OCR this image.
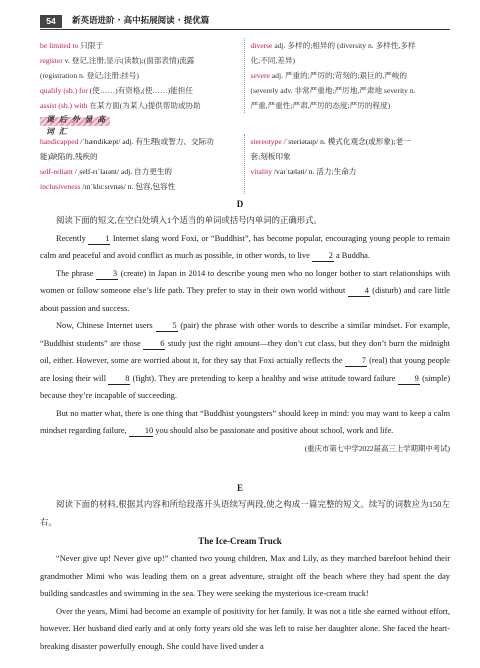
54	新英语进阶 · 高中拓展阅读 · 提优篇
be limited to 只限于
register v. 登记,注册;显示(读数);(面部表情)流露
(registration n. 登记;注册;挂号)
qualify (sb.) for (使……)有资格,(使……)能担任
assist (sb.) with 在某方面(为某人)提供帮助或协助
diverse adj. 多样的;相异的 (diversity n. 多样性,多样
化;不同,差异)
severe adj. 严重的;严厉的;苛刻的;艰巨的,严峻的
(severely adv. 非常严重地;严厉地,严肃地 severity n.
严重,严重性;严肃,严厉的态度;严厉的程度)
课 后 外 显 高 词 汇
handicapped /ˈhændikæpt/ adj. 有生理(或智力、交际功
能)缺陷的,残疾的
self-reliant /ˌself-rɪˈlaɪənt/ adj. 自力更生的
inclusiveness /ɪnˈkluːsɪvnəs/ n. 包容,包容性
stereotype /ˈsteriətaɪp/ n. 模式化观念(或形象);老一
套;刻板印象
vitality /vaɪˈtæləti/ n. 活力;生命力
D

阅读下面的短文,在空白处填入1个适当的单词或括号内单词的正确形式。

Recently 1 Internet slang word Foxi, or “Buddhist”, has become popular, encouraging young people to remain calm and peaceful and avoid conflict as much as possible, in other words, to live 2 a Buddha.

The phrase 3 (create) in Japan in 2014 to describe young men who no longer bother to start relationships with women or follow someone else’s life path. They prefer to stay in their own world without 4 (disturb) and care little about passion and success.

Now, Chinese Internet users 5 (pair) the phrase with other words to describe a similar mindset. For example, “Buddhist students” are those 6 study just the right amount—they don’t cut class, but they don’t burn the midnight oil, either. However, some are worried about it, for they say that Foxi actually reflects the 7 (real) that young people are losing their will 8 (fight). They are pretending to keep a healthy and wise attitude toward failure 9 (simple) because they’re incapable of succeeding.

But no matter what, there is one thing that “Buddhist youngsters” should keep in mind: you may want to keep a calm mindset regarding failure, 10 you should also be passionate and positive about school, work and life.
(重庆市第七中学2022届高三上学期期中考试)

E

阅读下面的材料,根据其内容和所给段落开头语续写两段,使之构成一篇完整的短文。续写的词数应为150左右。

The Ice-Cream Truck

“Never give up! Never give up!” chanted two young children, Max and Lily, as they marched barefoot behind their grandmother Mimi who was leading them on a great adventure, straight off the beach where they had spent the day building sandcastles and swimming in the sea. They were seeking the mysterious ice-cream truck!

Over the years, Mimi had become an example of positivity for her family. It was not a title she earned without effort, however. Her husband died early and at only forty years old she was left to raise her daughter alone. She faced the heart-breaking disaster powerfully enough. She could have lived under a
